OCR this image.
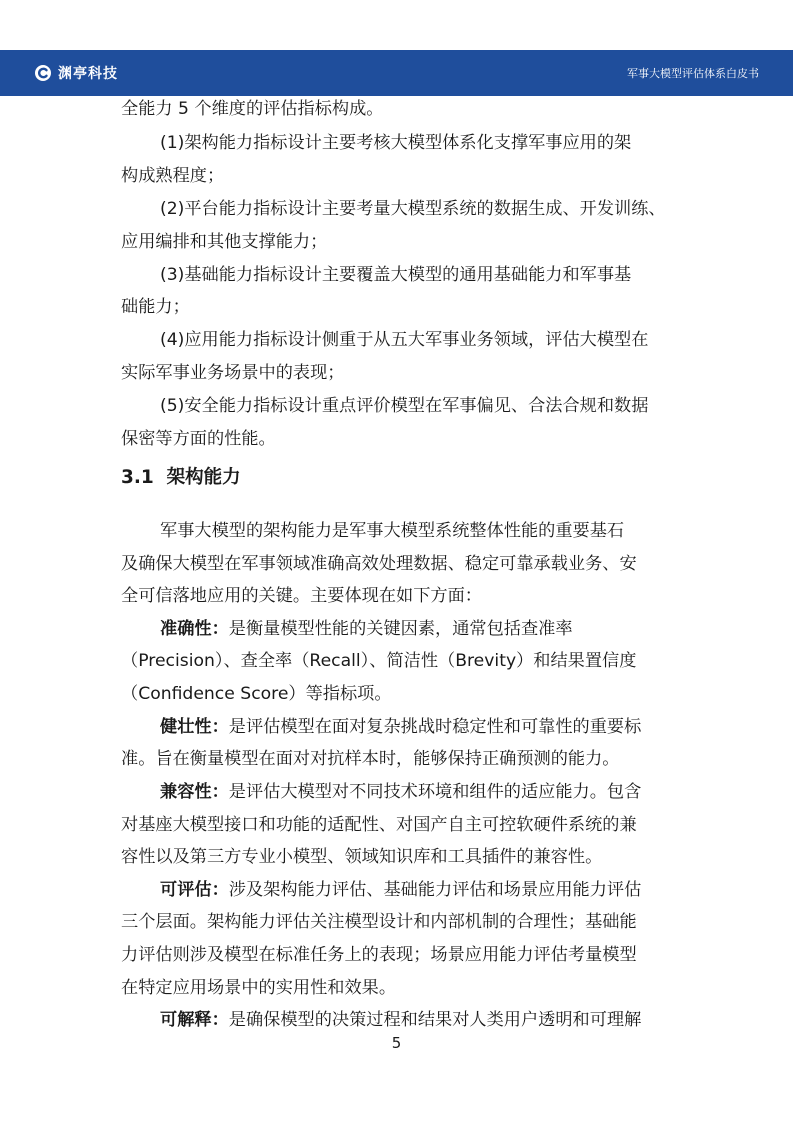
渊亭科技	军事大模型评估体系白皮书
全能力 5 个维度的评估指标构成。
(1)架构能力指标设计主要考核大模型体系化支撑军事应用的架
构成熟程度；
(2)平台能力指标设计主要考量大模型系统的数据生成、开发训练、
应用编排和其他支撑能力；
(3)基础能力指标设计主要覆盖大模型的通用基础能力和军事基
础能力；
(4)应用能力指标设计侧重于从五大军事业务领域，评估大模型在
实际军事业务场景中的表现；
(5)安全能力指标设计重点评价模型在军事偏见、合法合规和数据
保密等方面的性能。
3.1 架构能力
军事大模型的架构能力是军事大模型系统整体性能的重要基石
及确保大模型在军事领域准确高效处理数据、稳定可靠承载业务、安
全可信落地应用的关键。主要体现在如下方面：
准确性：是衡量模型性能的关键因素，通常包括查准率
（Precision）、查全率（Recall）、简洁性（Brevity）和结果置信度
（Confidence Score）等指标项。
健壮性：是评估模型在面对复杂挑战时稳定性和可靠性的重要标
准。旨在衡量模型在面对对抗样本时，能够保持正确预测的能力。
兼容性：是评估大模型对不同技术环境和组件的适应能力。包含
对基座大模型接口和功能的适配性、对国产自主可控软硬件系统的兼
容性以及第三方专业小模型、领域知识库和工具插件的兼容性。
可评估：涉及架构能力评估、基础能力评估和场景应用能力评估
三个层面。架构能力评估关注模型设计和内部机制的合理性；基础能
力评估则涉及模型在标准任务上的表现；场景应用能力评估考量模型
在特定应用场景中的实用性和效果。
可解释：是确保模型的决策过程和结果对人类用户透明和可理解
5
